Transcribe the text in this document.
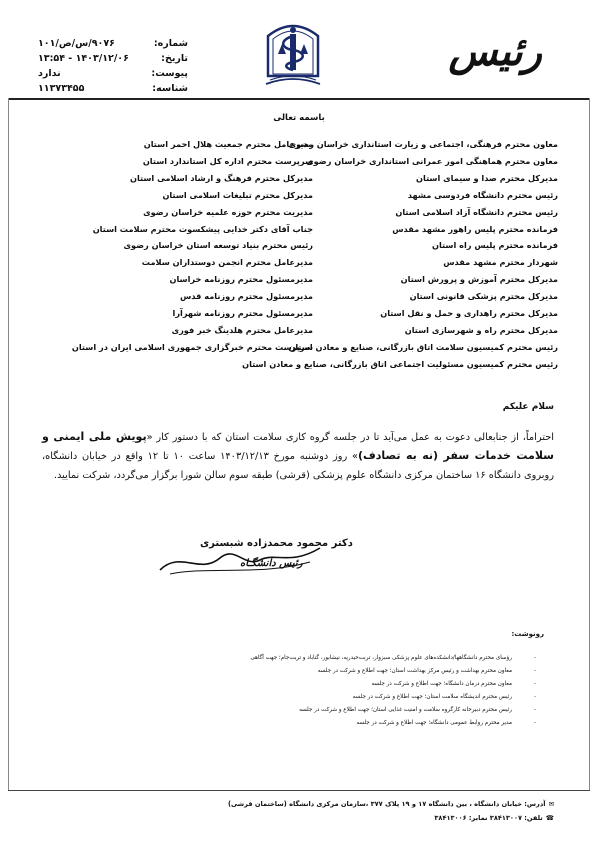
شماره:
۹۰۷۶/س/ص/۱۰۱
تاریخ:
۱۴۰۳/۱۲/۰۶ - ۱۳:۵۴
پیوست:
ندارد
شناسه:
۱۱۳۷۳۴۵۵
رئیس
باسمه تعالی
معاون محترم فرهنگی، اجتماعی و زیارت استانداری خراسان رضوی
معاون محترم هماهنگی امور عمرانی استانداری خراسان رضوی
مدیرکل محترم صدا و سیمای استان
رئیس محترم دانشگاه فردوسی مشهد
رئیس محترم دانشگاه آزاد اسلامی استان
فرمانده محترم پلیس راهور مشهد مقدس
فرمانده محترم پلیس راه استان
شهردار محترم مشهد مقدس
مدیرکل محترم آموزش و پرورش استان
مدیرکل محترم پزشکی قانونی استان
مدیرکل محترم راهداری و حمل و نقل استان
مدیرکل محترم راه و شهرسازی استان
رئیس محترم کمیسیون سلامت اتاق بازرگانی، صنایع و معادن استان
رئیس محترم کمیسیون مسئولیت اجتماعی اتاق بازرگانی، صنایع و معادن استان
مدیرعامل محترم جمعیت هلال احمر استان
سرپرست محترم اداره کل استاندارد استان
مدیرکل محترم فرهنگ و ارشاد اسلامی استان
مدیرکل محترم تبلیغات اسلامی استان
مدیریت محترم حوزه علمیه خراسان رضوی
جناب آقای دکتر خدایی پیشکسوت محترم سلامت استان
رئیس محترم بنیاد توسعه استان خراسان رضوی
مدیرعامل محترم انجمن دوستداران سلامت
مدیرمسئول محترم روزنامه خراسان
مدیرمسئول محترم روزنامه قدس
مدیرمسئول محترم روزنامه شهرآرا
مدیرعامل محترم هلدینگ خبر فوری
سرپرست محترم خبرگزاری جمهوری اسلامی ایران در استان
سلام علیکم
احتراماً، از جنابعالی دعوت به عمل می‌آید تا در جلسه گروه کاری سلامت استان که با دستور کار «پویش ملی ایمنی و سلامت خدمات سفر (نه به تصادف)» روز دوشنبه مورخ ۱۴۰۳/۱۲/۱۳ ساعت ۱۰ تا ۱۲ واقع در خیابان دانشگاه، روبروی دانشگاه ۱۶ ساختمان مرکزی دانشگاه علوم پزشکی (قرشی) طبقه سوم سالن شورا برگزار می‌گردد، شرکت نمایید.
دکتر محمود محمدزاده شبستری
رئیس دانشگـاه
رونوشت:
-
رؤسای محترم دانشگاهها/دانشکده‌های علوم پزشکی سبزوار، تربت‌حیدریه، نیشابور، گناباد و تربت‌جام؛ جهت آگاهی
-
معاون محترم بهداشت و رئیس مرکز بهداشت استان؛ جهت اطلاع و شرکت در جلسه
-
معاون محترم درمان دانشگاه؛ جهت اطلاع و شرکت در جلسه
-
رئیس محترم اندیشگاه سلامت استان؛ جهت اطلاع و شرکت در جلسه
-
رئیس محترم دبیرخانه کارگروه سلامت و امنیت غذایی استان؛ جهت اطلاع و شرکت در جلسه
-
مدیر محترم روابط عمومی دانشگاه؛ جهت اطلاع و شرکت در جلسه
✉آدرس: خیابان دانشگاه ، بین دانشگاه ۱۷ و ۱۹ پلاک ۳۷۷ ،سازمان مرکزی دانشگاه (ساختمان قرشی)
☎تلفن: ۳۸۴۱۳۰۰۷ نمابر: ۳۸۴۱۳۰۰۶
